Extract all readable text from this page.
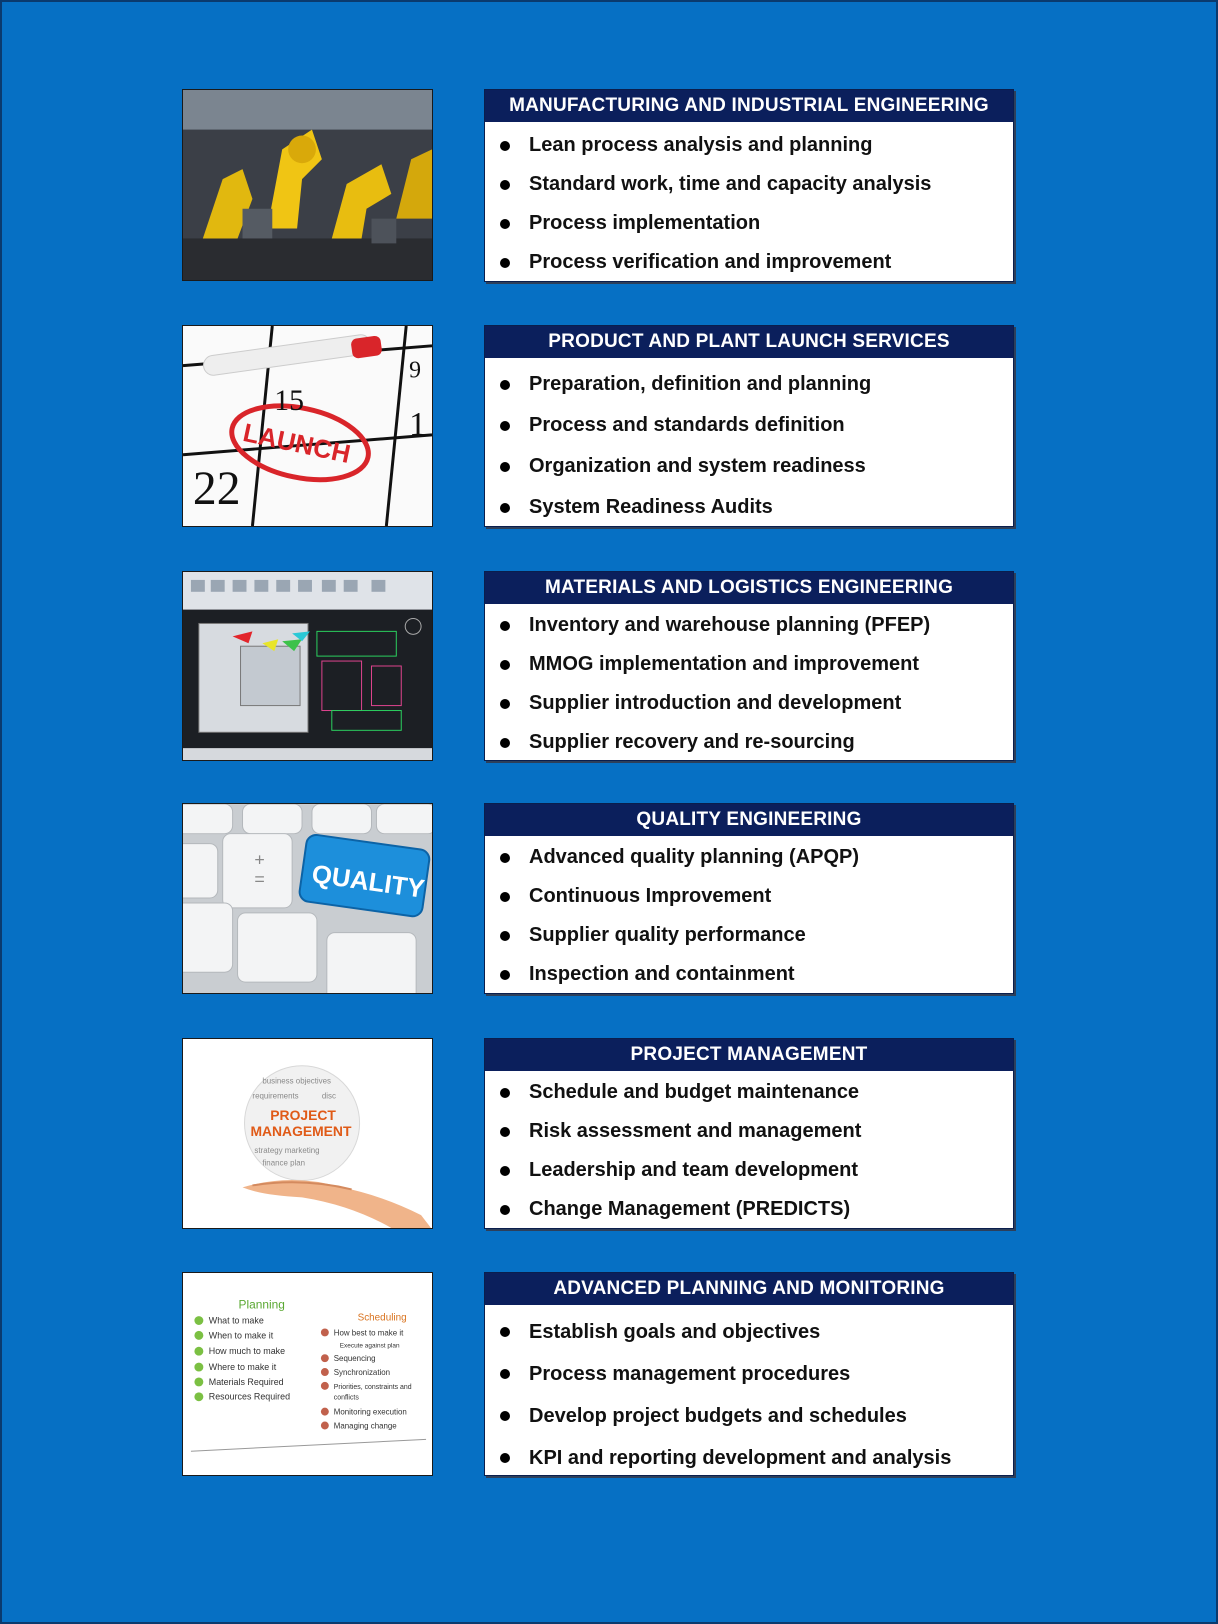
MANUFACTURING AND INDUSTRIAL ENGINEERING
Lean process analysis and planning
Standard work, time and capacity analysis
Process implementation
Process verification and improvement
LAUNCH
15
22
9
1
PRODUCT AND PLANT LAUNCH SERVICES
Preparation, definition and planning
Process and standards definition
Organization and system readiness
System Readiness Audits
MATERIALS AND LOGISTICS ENGINEERING
Inventory and warehouse planning (PFEP)
MMOG implementation and improvement
Supplier introduction and development
Supplier recovery and re-sourcing
+
= QUALITY
QUALITY ENGINEERING
Advanced quality planning (APQP)
Continuous Improvement
Supplier quality performance
Inspection and containment
business objectives
requirements	disc
strategy marketing
finance plan
PROJECT
MANAGEMENT
PROJECT MANAGEMENT
Schedule and budget maintenance
Risk assessment and management
Leadership and team development
Change Management (PREDICTS)
Planning
Scheduling
What to make
When to make it
How much to make
Where to make it
Materials Required
Resources Required
How best to make it
Execute against plan
Sequencing
Synchronization
Priorities, constraints and
conflicts
Monitoring execution
Managing change
ADVANCED PLANNING AND MONITORING
Establish goals and objectives
Process management procedures
Develop project budgets and schedules
KPI and reporting development and analysis
